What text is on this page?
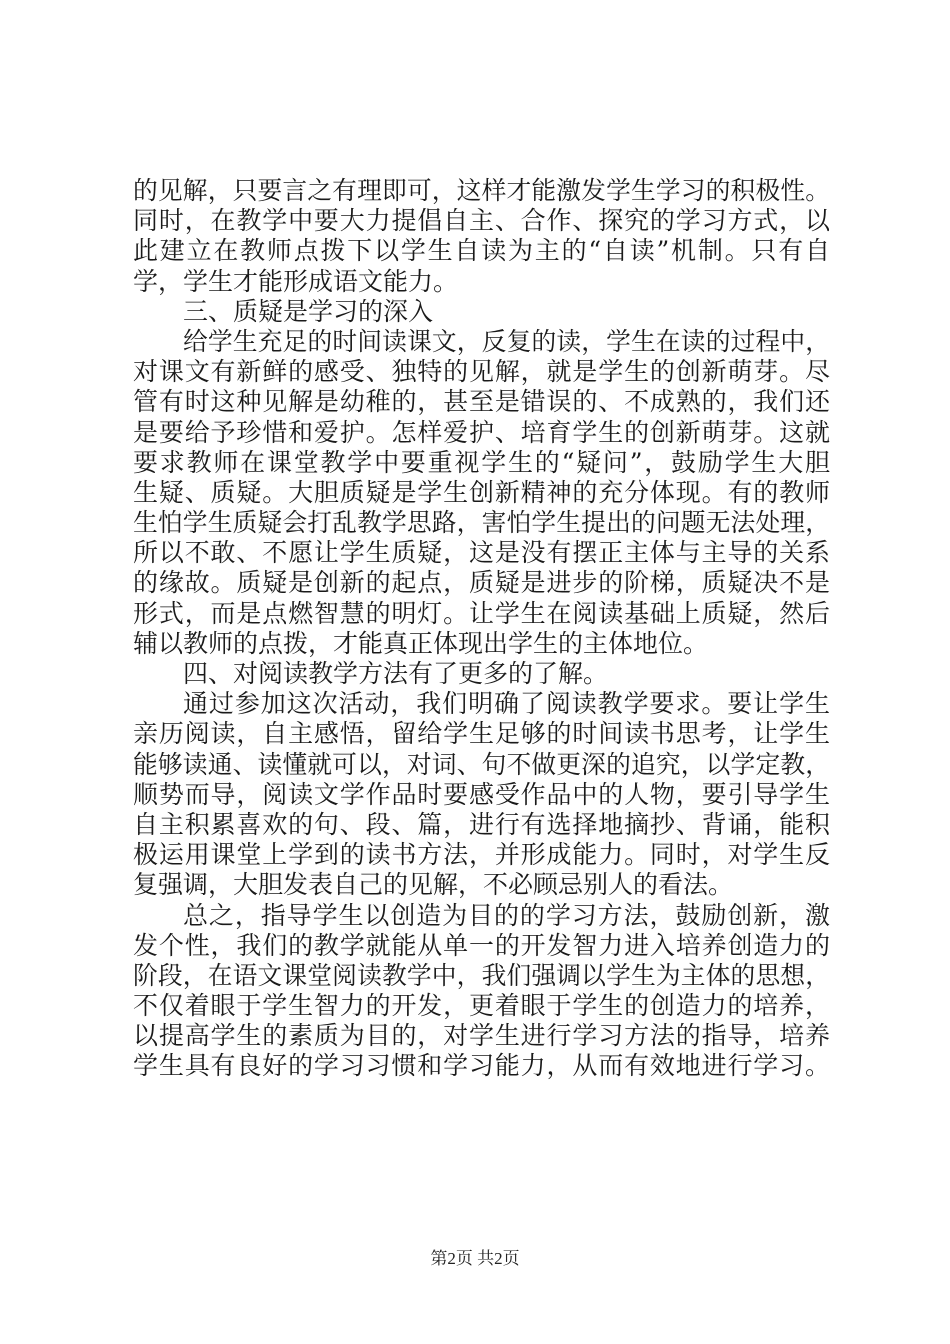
的见解，只要言之有理即可，这样才能激发学生学习的积极性。
同时，在教学中要大力提倡自主、合作、探究的学习方式，以
此建立在教师点拨下以学生自读为主的“自读”机制。只有自
学，学生才能形成语文能力。
三、质疑是学习的深入
给学生充足的时间读课文，反复的读，学生在读的过程中，
对课文有新鲜的感受、独特的见解，就是学生的创新萌芽。尽
管有时这种见解是幼稚的，甚至是错误的、不成熟的，我们还
是要给予珍惜和爱护。怎样爱护、培育学生的创新萌芽。这就
要求教师在课堂教学中要重视学生的“疑问”，鼓励学生大胆
生疑、质疑。大胆质疑是学生创新精神的充分体现。有的教师
生怕学生质疑会打乱教学思路，害怕学生提出的问题无法处理，
所以不敢、不愿让学生质疑，这是没有摆正主体与主导的关系
的缘故。质疑是创新的起点，质疑是进步的阶梯，质疑决不是
形式，而是点燃智慧的明灯。让学生在阅读基础上质疑，然后
辅以教师的点拨，才能真正体现出学生的主体地位。
四、对阅读教学方法有了更多的了解。
通过参加这次活动，我们明确了阅读教学要求。要让学生
亲历阅读，自主感悟，留给学生足够的时间读书思考，让学生
能够读通、读懂就可以，对词、句不做更深的追究，以学定教，
顺势而导，阅读文学作品时要感受作品中的人物，要引导学生
自主积累喜欢的句、段、篇，进行有选择地摘抄、背诵，能积
极运用课堂上学到的读书方法，并形成能力。同时，对学生反
复强调，大胆发表自己的见解，不必顾忌别人的看法。
总之，指导学生以创造为目的的学习方法，鼓励创新，激
发个性，我们的教学就能从单一的开发智力进入培养创造力的
阶段，在语文课堂阅读教学中，我们强调以学生为主体的思想，
不仅着眼于学生智力的开发，更着眼于学生的创造力的培养，
以提高学生的素质为目的，对学生进行学习方法的指导，培养
学生具有良好的学习习惯和学习能力，从而有效地进行学习。
第2页 共2页
